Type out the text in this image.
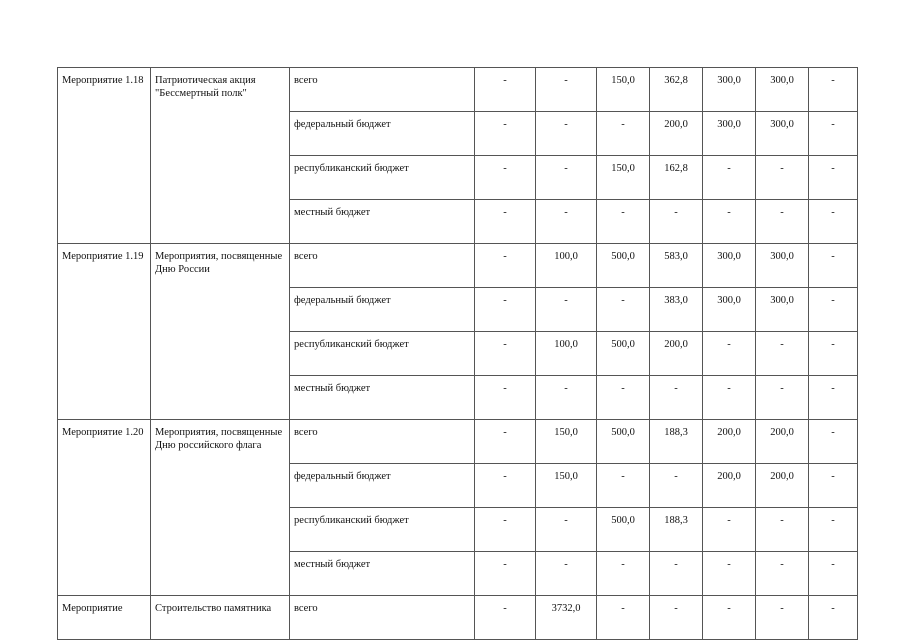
Мероприятие 1.18	Патриотическая акция "Бессмертный полк"	всего	-	-	150,0	362,8	300,0	300,0	-
		федеральный бюджет	-	-	-	200,0	300,0	300,0	-
		республиканский бюджет	-	-	150,0	162,8	-	-	-
		местный бюджет	-	-	-	-	-	-	-
Мероприятие 1.19	Мероприятия, посвященные Дню России	всего	-	100,0	500,0	583,0	300,0	300,0	-
		федеральный бюджет	-	-	-	383,0	300,0	300,0	-
		республиканский бюджет	-	100,0	500,0	200,0	-	-	-
		местный бюджет	-	-	-	-	-	-	-
Мероприятие 1.20	Мероприятия, посвященные Дню российского флага	всего	-	150,0	500,0	188,3	200,0	200,0	-
		федеральный бюджет	-	150,0	-	-	200,0	200,0	-
		республиканский бюджет	-	-	500,0	188,3	-	-	-
		местный бюджет	-	-	-	-	-	-	-
Мероприятие	Строительство памятника	всего	-	3732,0	-	-	-	-	-
